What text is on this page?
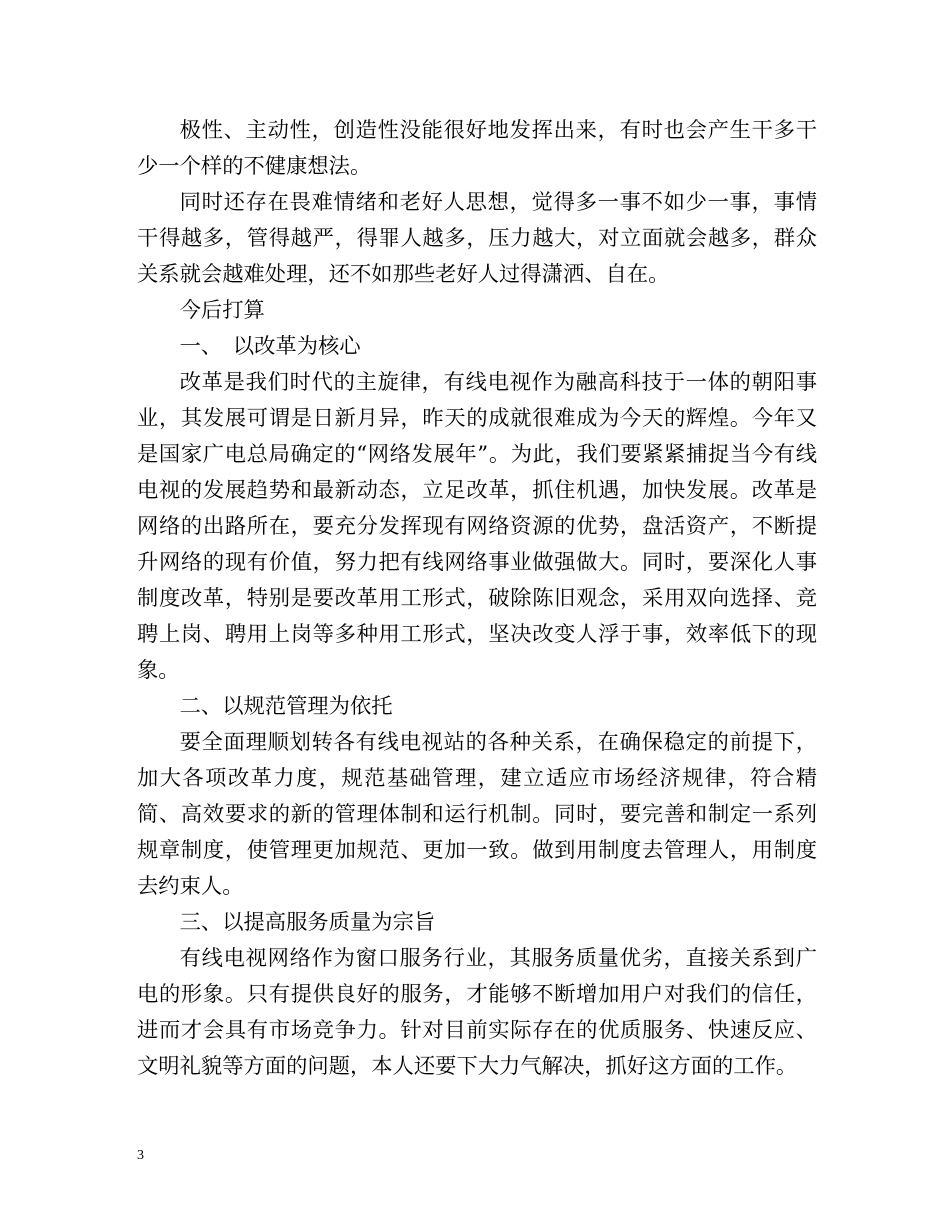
极性、主动性，创造性没能很好地发挥出来，有时也会产生干多干少一个样的不健康想法。

同时还存在畏难情绪和老好人思想，觉得多一事不如少一事，事情干得越多，管得越严，得罪人越多，压力越大，对立面就会越多，群众关系就会越难处理，还不如那些老好人过得潇洒、自在。

今后打算

一、　以改革为核心

改革是我们时代的主旋律，有线电视作为融高科技于一体的朝阳事业，其发展可谓是日新月异，昨天的成就很难成为今天的辉煌。今年又是国家广电总局确定的“网络发展年”。为此，我们要紧紧捕捉当今有线电视的发展趋势和最新动态，立足改革，抓住机遇，加快发展。改革是网络的出路所在，要充分发挥现有网络资源的优势，盘活资产，不断提升网络的现有价值，努力把有线网络事业做强做大。同时，要深化人事制度改革，特别是要改革用工形式，破除陈旧观念，采用双向选择、竞聘上岗、聘用上岗等多种用工形式，坚决改变人浮于事，效率低下的现象。

二、以规范管理为依托

要全面理顺划转各有线电视站的各种关系，在确保稳定的前提下，加大各项改革力度，规范基础管理，建立适应市场经济规律，符合精简、高效要求的新的管理体制和运行机制。同时，要完善和制定一系列规章制度，使管理更加规范、更加一致。做到用制度去管理人，用制度去约束人。

三、以提高服务质量为宗旨

有线电视网络作为窗口服务行业，其服务质量优劣，直接关系到广电的形象。只有提供良好的服务，才能够不断增加用户对我们的信任，进而才会具有市场竞争力。针对目前实际存在的优质服务、快速反应、文明礼貌等方面的问题，本人还要下大力气解决，抓好这方面的工作。

3
